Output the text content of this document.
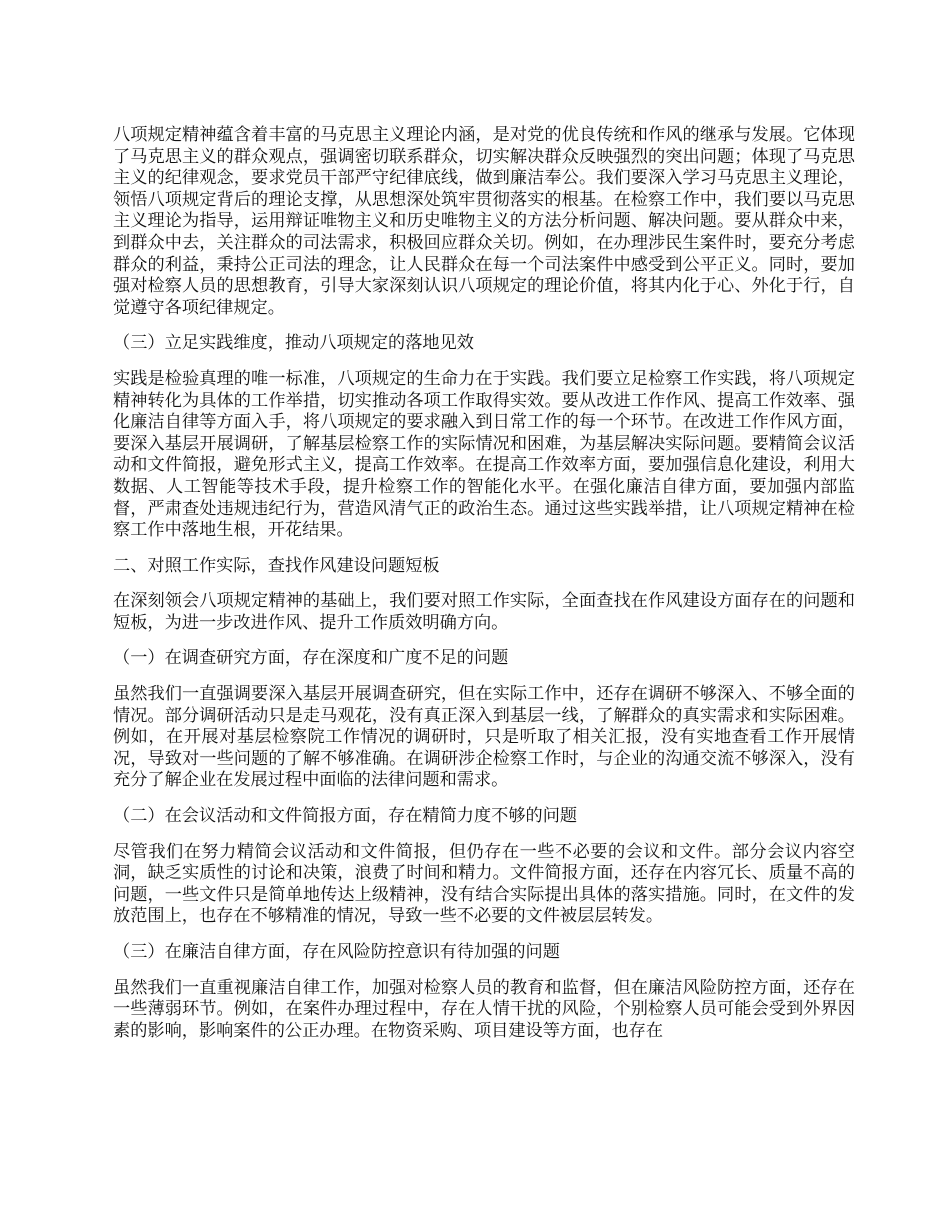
八项规定精神蕴含着丰富的马克思主义理论内涵，是对党的优良传统和作风的继承与发展。它体现了马克思主义的群众观点，强调密切联系群众，切实解决群众反映强烈的突出问题；体现了马克思主义的纪律观念，要求党员干部严守纪律底线，做到廉洁奉公。我们要深入学习马克思主义理论，领悟八项规定背后的理论支撑，从思想深处筑牢贯彻落实的根基。在检察工作中，我们要以马克思主义理论为指导，运用辩证唯物主义和历史唯物主义的方法分析问题、解决问题。要从群众中来，到群众中去，关注群众的司法需求，积极回应群众关切。例如，在办理涉民生案件时，要充分考虑群众的利益，秉持公正司法的理念，让人民群众在每一个司法案件中感受到公平正义。同时，要加强对检察人员的思想教育，引导大家深刻认识八项规定的理论价值，将其内化于心、外化于行，自觉遵守各项纪律规定。

（三）立足实践维度，推动八项规定的落地见效

实践是检验真理的唯一标准，八项规定的生命力在于实践。我们要立足检察工作实践，将八项规定精神转化为具体的工作举措，切实推动各项工作取得实效。要从改进工作作风、提高工作效率、强化廉洁自律等方面入手，将八项规定的要求融入到日常工作的每一个环节。在改进工作作风方面，要深入基层开展调研，了解基层检察工作的实际情况和困难，为基层解决实际问题。要精简会议活动和文件简报，避免形式主义，提高工作效率。在提高工作效率方面，要加强信息化建设，利用大数据、人工智能等技术手段，提升检察工作的智能化水平。在强化廉洁自律方面，要加强内部监督，严肃查处违规违纪行为，营造风清气正的政治生态。通过这些实践举措，让八项规定精神在检察工作中落地生根，开花结果。

二、对照工作实际，查找作风建设问题短板

在深刻领会八项规定精神的基础上，我们要对照工作实际，全面查找在作风建设方面存在的问题和短板，为进一步改进作风、提升工作质效明确方向。

（一）在调查研究方面，存在深度和广度不足的问题

虽然我们一直强调要深入基层开展调查研究，但在实际工作中，还存在调研不够深入、不够全面的情况。部分调研活动只是走马观花，没有真正深入到基层一线，了解群众的真实需求和实际困难。例如，在开展对基层检察院工作情况的调研时，只是听取了相关汇报，没有实地查看工作开展情况，导致对一些问题的了解不够准确。在调研涉企检察工作时，与企业的沟通交流不够深入，没有充分了解企业在发展过程中面临的法律问题和需求。

（二）在会议活动和文件简报方面，存在精简力度不够的问题

尽管我们在努力精简会议活动和文件简报，但仍存在一些不必要的会议和文件。部分会议内容空洞，缺乏实质性的讨论和决策，浪费了时间和精力。文件简报方面，还存在内容冗长、质量不高的问题，一些文件只是简单地传达上级精神，没有结合实际提出具体的落实措施。同时，在文件的发放范围上，也存在不够精准的情况，导致一些不必要的文件被层层转发。

（三）在廉洁自律方面，存在风险防控意识有待加强的问题

虽然我们一直重视廉洁自律工作，加强对检察人员的教育和监督，但在廉洁风险防控方面，还存在一些薄弱环节。例如，在案件办理过程中，存在人情干扰的风险，个别检察人员可能会受到外界因素的影响，影响案件的公正办理。在物资采购、项目建设等方面，也存在
